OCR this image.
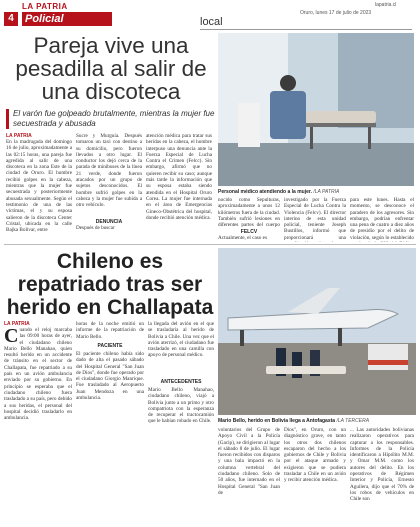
4
LA PATRIA
Policial	local
lapatria.cl
Oruro, lunes 17 de julio de 2023
Pareja vive una pesadilla al salir de una discoteca
El varón fue golpeado brutalmente, mientras la mujer fue secuestrada y abusada
LA PATRIA
En la madrugada del domingo 16 de julio, aproximadamente a las 02:15 horas, una pareja fue agredida al salir de una discoteca en la zona Este de la ciudad de Oruro. El hombre recibió golpes en la cabeza, mientras que la mujer fue secuestrada y posteriormente abusada sexualmente. Según el testimonio de una de las víctimas, el y su esposa salieron de la discoteca Center Cristal, ubicada en la calle Bajka Bolívar, entre
Sucre y Murguía. Después tomaron un taxi con destino a su domicilio, pero fueron llevados a otro lugar. El conductor los dejó cerca de la parada de minibuses de la línea 21 verde, donde fueron atacados por un grupo de sujetos desconocidos. El hombre sufrió golpes en la cabeza y la mujer fue subida a otro vehículo.
DENUNCIA
Después de buscar
atención médica para tratar sus heridas en la cabeza, el hombre interpuso una denuncia ante la Fuerza Especial de Lucha Contra el Crimen (Felcc). Sin embargo, afirmó que no quieren recibir su caso; aunque más tarde la información que su esposa estaba siendo atendida en el Hospital Oruro Corea. La mujer fue internada en el área de Emergencias Gineco-Obstétrica del hospital, donde recibió atención médica.
Personal médico atendiendo a la mujer. /LA PATRIA
nocido como Sepulturas, aproximadamente a unos 12 kilómetros fuera de la ciudad. También sufrió lesiones en diferentes partes del cuerpo
FELCV
Actualmente, el caso es
investigado por la Fuerza Especial de Lucha Contra la Violencia (Felcv). El director interino de esta unidad policial, teniente Joseph Bustillos, informó que proporcionará una
para este lunes. Hasta el momento, se desconoce el paradero de los agresores. Sin embargo, podrían enfrentar una pena de cuatro a diez años de presidio por el delito de violación, según lo establecido
Chileno es repatriado tras ser herido en Challapata
LA PATRIA
Cuando el reloj marcaba las 09:00 horas de ayer, el ciudadano chileno Mario Bello Manahao, quien resultó herido en un accidente de tránsito en el sector de Challapata, fue repatriado a su país en un avión ambulancia enviado por su gobierno. En principio se esperaba que el ciudadano chileno fuera trasladado a su país, pero debido a sus heridas, el personal del hospital decidió trasladarlo en ambulancia.
horas de la noche emitió un informe de la repatriación de Mario Bello.
PACIENTE
El paciente chileno había sido dado de alta el pasado sábado del Hospital General "San Juan de Dios", donde fue operado por el ciudadano Giorgio Manrique. Fue trasladado al Aeropuerto Juan Mendoza en una ambulancia.
la llegada del avión en el que se trasladaría al herido de Bolivia a Chile. Una vez que el avión aterrizó, el ciudadano fue trasladado en una camilla con apoyo de personal médico.
ANTECEDENTES
Mario Bello Manahao, ciudadano chileno, viajó a Bolivia junto a un primo y otro compatriota con la esperanza de recuperar el tractocamión que le habían robado en Chile.	Mario Bello, herido en Bolivia llega a Antofagasta /LA TERCERA
voluntarios del Grupo de Apoyo Civil a la Policía (Gacip), se dirigieron al lugar el sábado 8 de julio. El lugar fueron recibidos con disparos y una bala impactó en la columna vertebral del ciudadano chileno. Solo de 50 años, fue internado en el Hospital General "San Juan de
Dios", en Oruro, con un diagnóstico grave, en tanto los otros dos chilenos escaparon del hecho a los gobiernos de Chile y Bolivia por el ataque armado y exigieron que se pudiera trasladar a Chile en un avión y recibir atención médica.
... Las autoridades bolivianas realizaron operativos para capturar a los responsables. Informes de la Policía identificaron a Hipólito M.M. y Omar M.M. como los autores del delito. En los operativos de Régimen Interior y Policía, Ernesto Aguilera, dijo que el 70% de los robos de vehículos en Chile son
